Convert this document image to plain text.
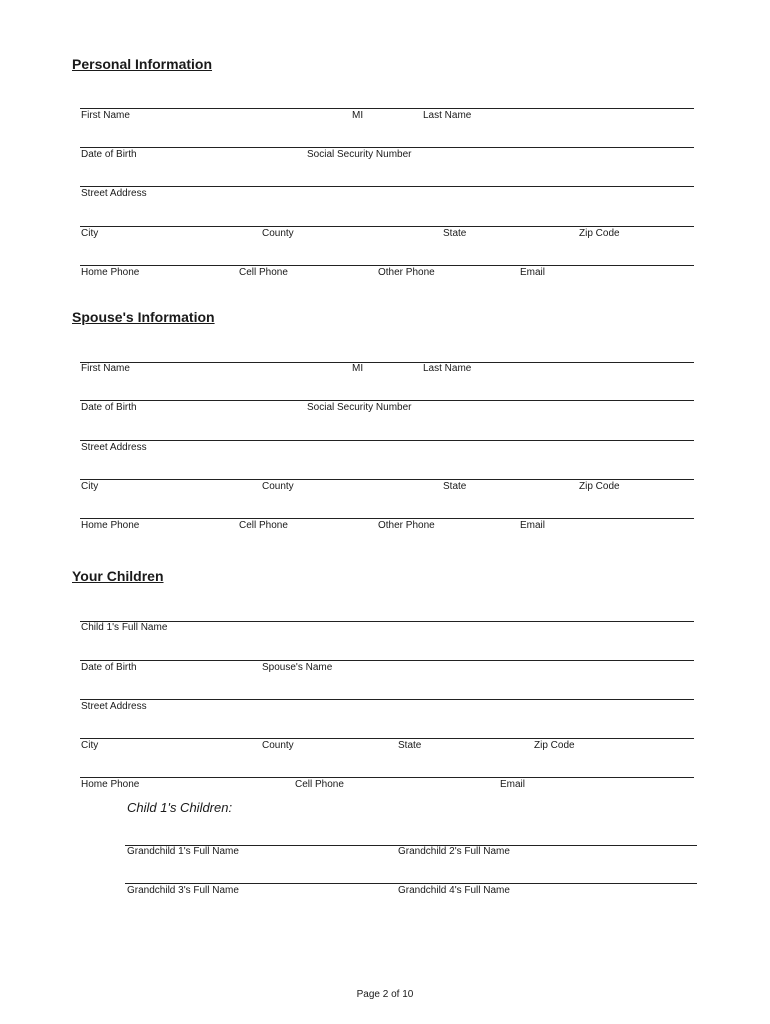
Personal Information
First Name	MI	Last Name
Date of Birth	Social Security Number
Street Address
City	County	State	Zip Code
Home Phone	Cell Phone	Other Phone	Email
Spouse's Information
First Name	MI	Last Name
Date of Birth	Social Security Number
Street Address
City	County	State	Zip Code
Home Phone	Cell Phone	Other Phone	Email
Your Children
Child 1's Full Name
Date of Birth	Spouse's Name
Street Address
City	County	State	Zip Code
Home Phone	Cell Phone	Email
Child 1's Children:
Grandchild 1's Full Name	Grandchild 2's Full Name
Grandchild 3's Full Name	Grandchild 4's Full Name
Page 2 of 10
